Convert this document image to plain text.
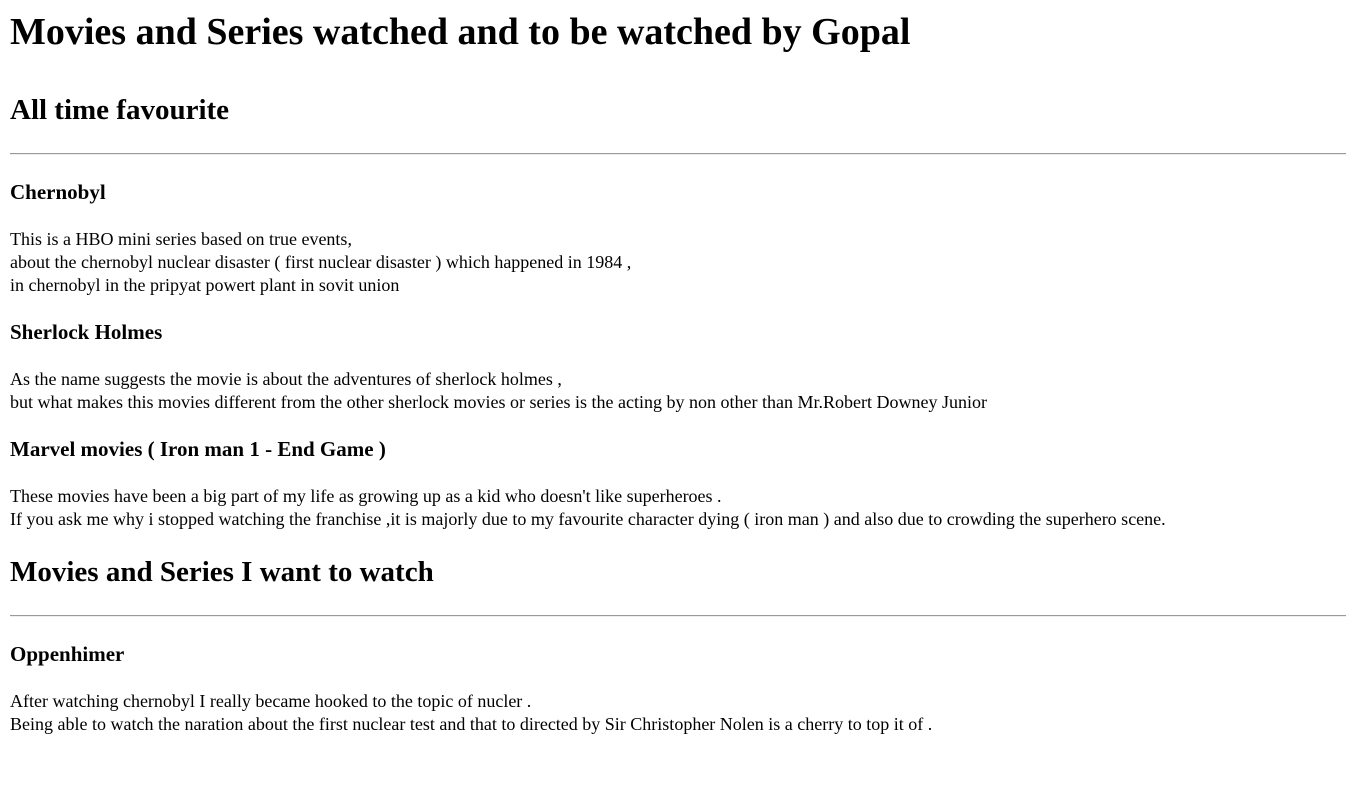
Movies and Series watched and to be watched by Gopal
All time favourite
Chernobyl

This is a HBO mini series based on true events,
about the chernobyl nuclear disaster ( first nuclear disaster ) which happened in 1984 ,
in chernobyl in the pripyat powert plant in sovit union

Sherlock Holmes

As the name suggests the movie is about the adventures of sherlock holmes ,
but what makes this movies different from the other sherlock movies or series is the acting by non other than Mr.Robert Downey Junior

Marvel movies ( Iron man 1 - End Game )

These movies have been a big part of my life as growing up as a kid who doesn't like superheroes .
If you ask me why i stopped watching the franchise ,it is majorly due to my favourite character dying ( iron man ) and also due to crowding the superhero scene.

Movies and Series I want to watch
Oppenhimer

After watching chernobyl I really became hooked to the topic of nucler .
Being able to watch the naration about the first nuclear test and that to directed by Sir Christopher Nolen is a cherry to top it of .
